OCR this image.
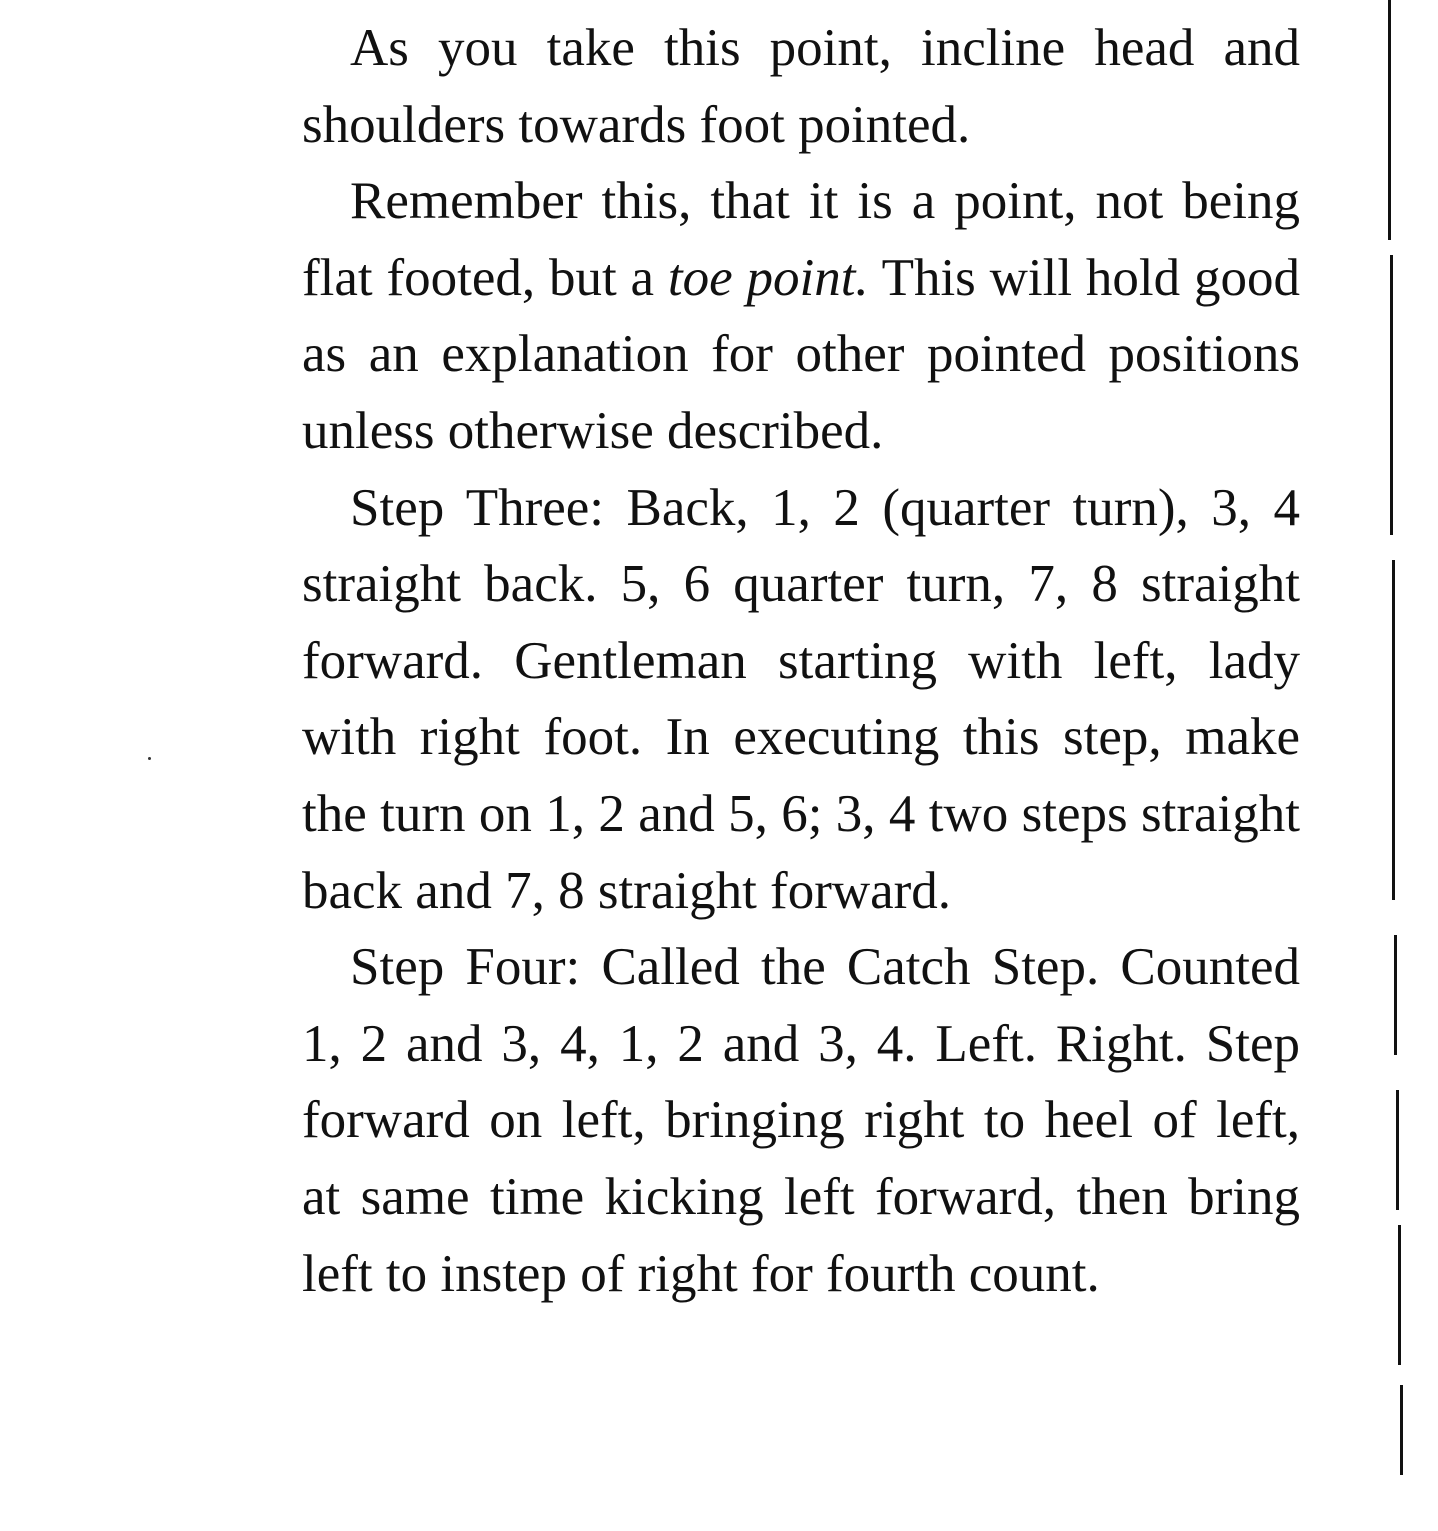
As you take this point, incline head and shoulders towards foot pointed.

Remember this, that it is a point, not being flat footed, but a toe point. This will hold good as an explanation for other pointed positions unless otherwise described.

Step Three: Back, 1, 2 (quarter turn), 3, 4 straight back. 5, 6 quarter turn, 7, 8 straight forward. Gentleman starting with left, lady with right foot. In executing this step, make the turn on 1, 2 and 5, 6; 3, 4 two steps straight back and 7, 8 straight forward.

Step Four: Called the Catch Step. Counted 1, 2 and 3, 4, 1, 2 and 3, 4. Left. Right. Step forward on left, bringing right to heel of left, at same time kicking left forward, then bring left to instep of right for fourth count.
